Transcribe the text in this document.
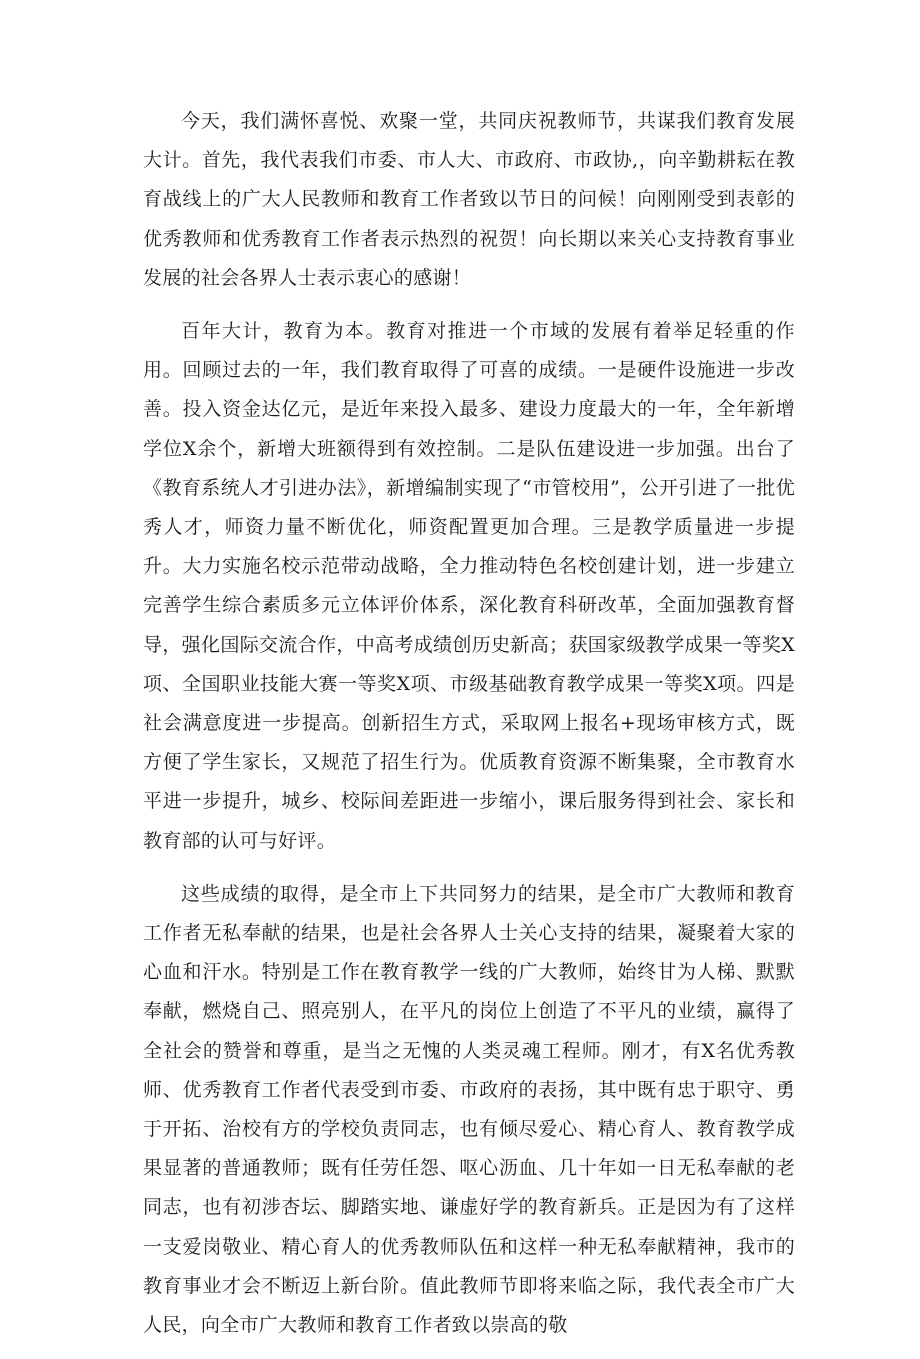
今天，我们满怀喜悦、欢聚一堂，共同庆祝教师节，共谋我们教育发展大计。首先，我代表我们市委、市人大、市政府、市政协,，向辛勤耕耘在教育战线上的广大人民教师和教育工作者致以节日的问候！向刚刚受到表彰的优秀教师和优秀教育工作者表示热烈的祝贺！向长期以来关心支持教育事业发展的社会各界人士表示衷心的感谢！

百年大计，教育为本。教育对推进一个市域的发展有着举足轻重的作用。回顾过去的一年，我们教育取得了可喜的成绩。一是硬件设施进一步改善。投入资金达亿元，是近年来投入最多、建设力度最大的一年，全年新增学位X余个，新增大班额得到有效控制。二是队伍建设进一步加强。出台了《教育系统人才引进办法》，新增编制实现了“市管校用”，公开引进了一批优秀人才，师资力量不断优化，师资配置更加合理。三是教学质量进一步提升。大力实施名校示范带动战略，全力推动特色名校创建计划，进一步建立完善学生综合素质多元立体评价体系，深化教育科研改革，全面加强教育督导，强化国际交流合作，中高考成绩创历史新高；获国家级教学成果一等奖X项、全国职业技能大赛一等奖X项、市级基础教育教学成果一等奖X项。四是社会满意度进一步提高。创新招生方式，采取网上报名+现场审核方式，既方便了学生家长，又规范了招生行为。优质教育资源不断集聚，全市教育水平进一步提升，城乡、校际间差距进一步缩小，课后服务得到社会、家长和教育部的认可与好评。

这些成绩的取得，是全市上下共同努力的结果，是全市广大教师和教育工作者无私奉献的结果，也是社会各界人士关心支持的结果，凝聚着大家的心血和汗水。特别是工作在教育教学一线的广大教师，始终甘为人梯、默默奉献，燃烧自己、照亮别人，在平凡的岗位上创造了不平凡的业绩，赢得了全社会的赞誉和尊重，是当之无愧的人类灵魂工程师。刚才，有X名优秀教师、优秀教育工作者代表受到市委、市政府的表扬，其中既有忠于职守、勇于开拓、治校有方的学校负责同志，也有倾尽爱心、精心育人、教育教学成果显著的普通教师；既有任劳任怨、呕心沥血、几十年如一日无私奉献的老同志，也有初涉杏坛、脚踏实地、谦虚好学的教育新兵。正是因为有了这样一支爱岗敬业、精心育人的优秀教师队伍和这样一种无私奉献精神，我市的教育事业才会不断迈上新台阶。值此教师节即将来临之际，我代表全市广大人民，向全市广大教师和教育工作者致以崇高的敬
